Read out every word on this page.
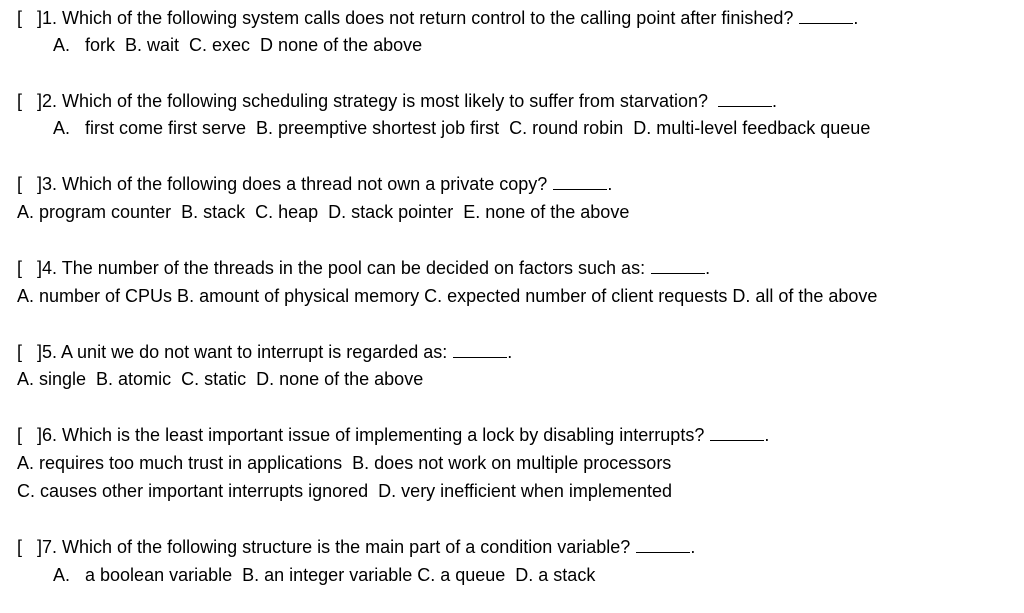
[   ]1. Which of the following system calls does not return control to the calling point after finished?	.
A.   fork  B. wait  C. exec  D none of the above
[   ]2. Which of the following scheduling strategy is most likely to suffer from starvation?	.
A.   first come first serve  B. preemptive shortest job first  C. round robin  D. multi-level feedback queue
[   ]3. Which of the following does a thread not own a private copy?	.
A. program counter  B. stack  C. heap  D. stack pointer  E. none of the above
[   ]4. The number of the threads in the pool can be decided on factors such as:	.
A. number of CPUs B. amount of physical memory C. expected number of client requests D. all of the above
[   ]5. A unit we do not want to interrupt is regarded as:	.
A. single  B. atomic  C. static  D. none of the above
[   ]6. Which is the least important issue of implementing a lock by disabling interrupts?	.
A. requires too much trust in applications  B. does not work on multiple processors
C. causes other important interrupts ignored  D. very inefficient when implemented
[   ]7. Which of the following structure is the main part of a condition variable?	.
A.   a boolean variable  B. an integer variable C. a queue  D. a stack
